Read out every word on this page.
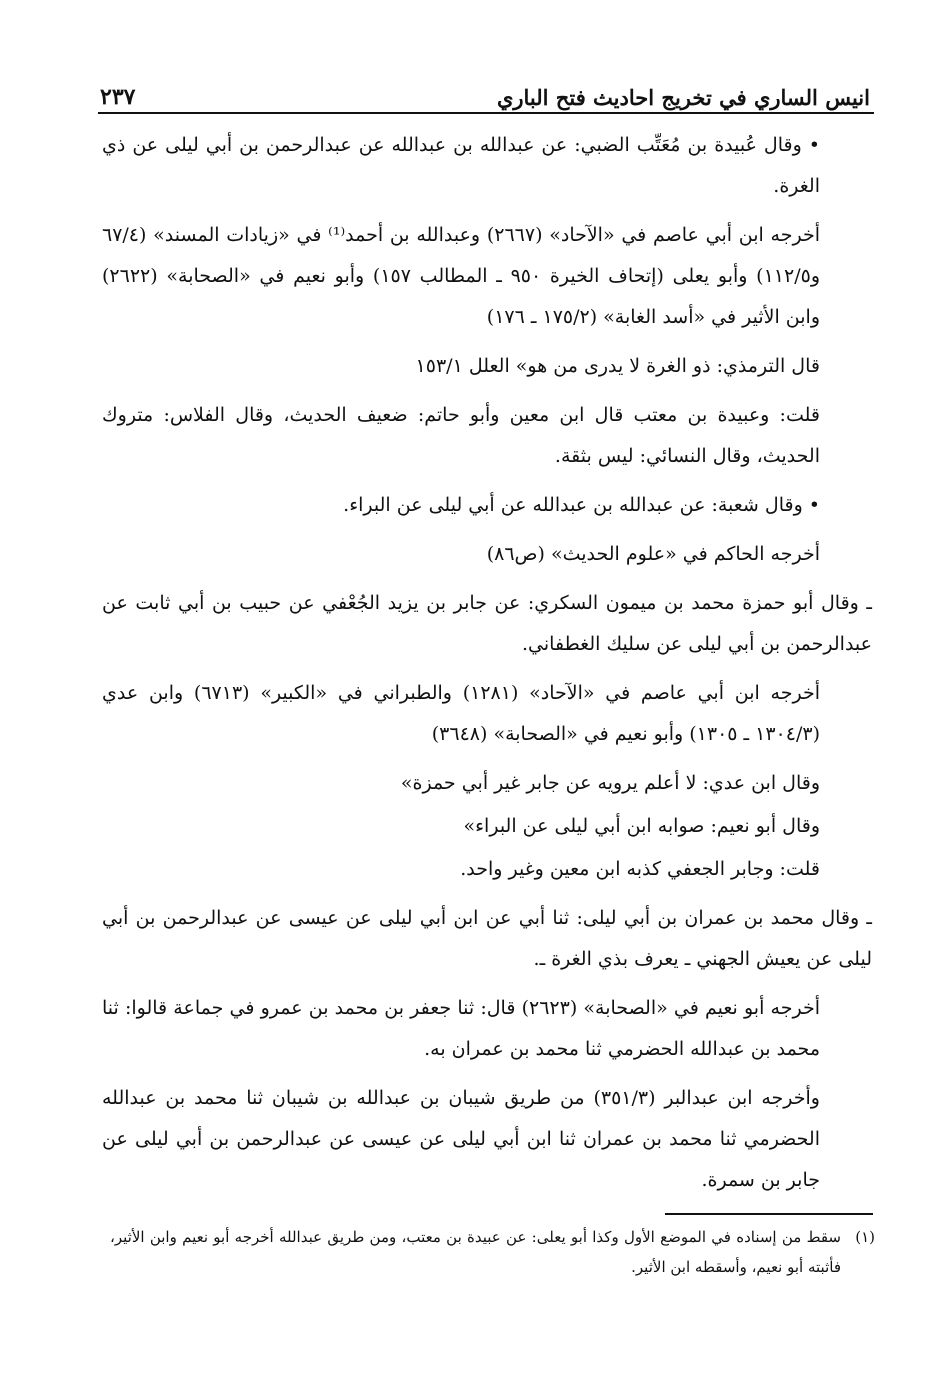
انيس الساري في تخريج احاديث فتح الباري
٢٣٧

• وقال عُبيدة بن مُعَتِّب الضبي: عن عبدالله بن عبدالله عن عبدالرحمن بن أبي ليلى عن ذي الغرة.

أخرجه ابن أبي عاصم في «الآحاد» (٢٦٦٧) وعبدالله بن أحمد⁽¹⁾ في «زيادات المسند» (٦٧/٤ و١١٢/٥) وأبو يعلى (إتحاف الخيرة ٩٥٠ ـ المطالب ١٥٧) وأبو نعيم في «الصحابة» (٢٦٢٢) وابن الأثير في «أسد الغابة» (١٧٥/٢ ـ ١٧٦)

قال الترمذي: ذو الغرة لا يدرى من هو» العلل ١٥٣/١

قلت: وعبيدة بن معتب قال ابن معين وأبو حاتم: ضعيف الحديث، وقال الفلاس: متروك الحديث، وقال النسائي: ليس بثقة.

• وقال شعبة: عن عبدالله بن عبدالله عن أبي ليلى عن البراء.

أخرجه الحاكم في «علوم الحديث» (ص٨٦)

ـ وقال أبو حمزة محمد بن ميمون السكري: عن جابر بن يزيد الجُعْفي عن حبيب بن أبي ثابت عن عبدالرحمن بن أبي ليلى عن سليك الغطفاني.

أخرجه ابن أبي عاصم في «الآحاد» (١٢٨١) والطبراني في «الكبير» (٦٧١٣) وابن عدي (١٣٠٤/٣ ـ ١٣٠٥) وأبو نعيم في «الصحابة» (٣٦٤٨)

وقال ابن عدي: لا أعلم يرويه عن جابر غير أبي حمزة»

وقال أبو نعيم: صوابه ابن أبي ليلى عن البراء»

قلت: وجابر الجعفي كذبه ابن معين وغير واحد.

ـ وقال محمد بن عمران بن أبي ليلى: ثنا أبي عن ابن أبي ليلى عن عيسى عن عبدالرحمن بن أبي ليلى عن يعيش الجهني ـ يعرف بذي الغرة ـ.

أخرجه أبو نعيم في «الصحابة» (٢٦٢٣) قال: ثنا جعفر بن محمد بن عمرو في جماعة قالوا: ثنا محمد بن عبدالله الحضرمي ثنا محمد بن عمران به.

وأخرجه ابن عبدالبر (٣٥١/٣) من طريق شيبان بن عبدالله بن شيبان ثنا محمد بن عبدالله الحضرمي ثنا محمد بن عمران ثنا ابن أبي ليلى عن عيسى عن عبدالرحمن بن أبي ليلى عن جابر بن سمرة.

(١)
سقط من إسناده في الموضع الأول وكذا أبو يعلى: عن عبيدة بن معتب، ومن طريق عبدالله أخرجه أبو نعيم وابن الأثير، فأثبته أبو نعيم، وأسقطه ابن الأثير.
